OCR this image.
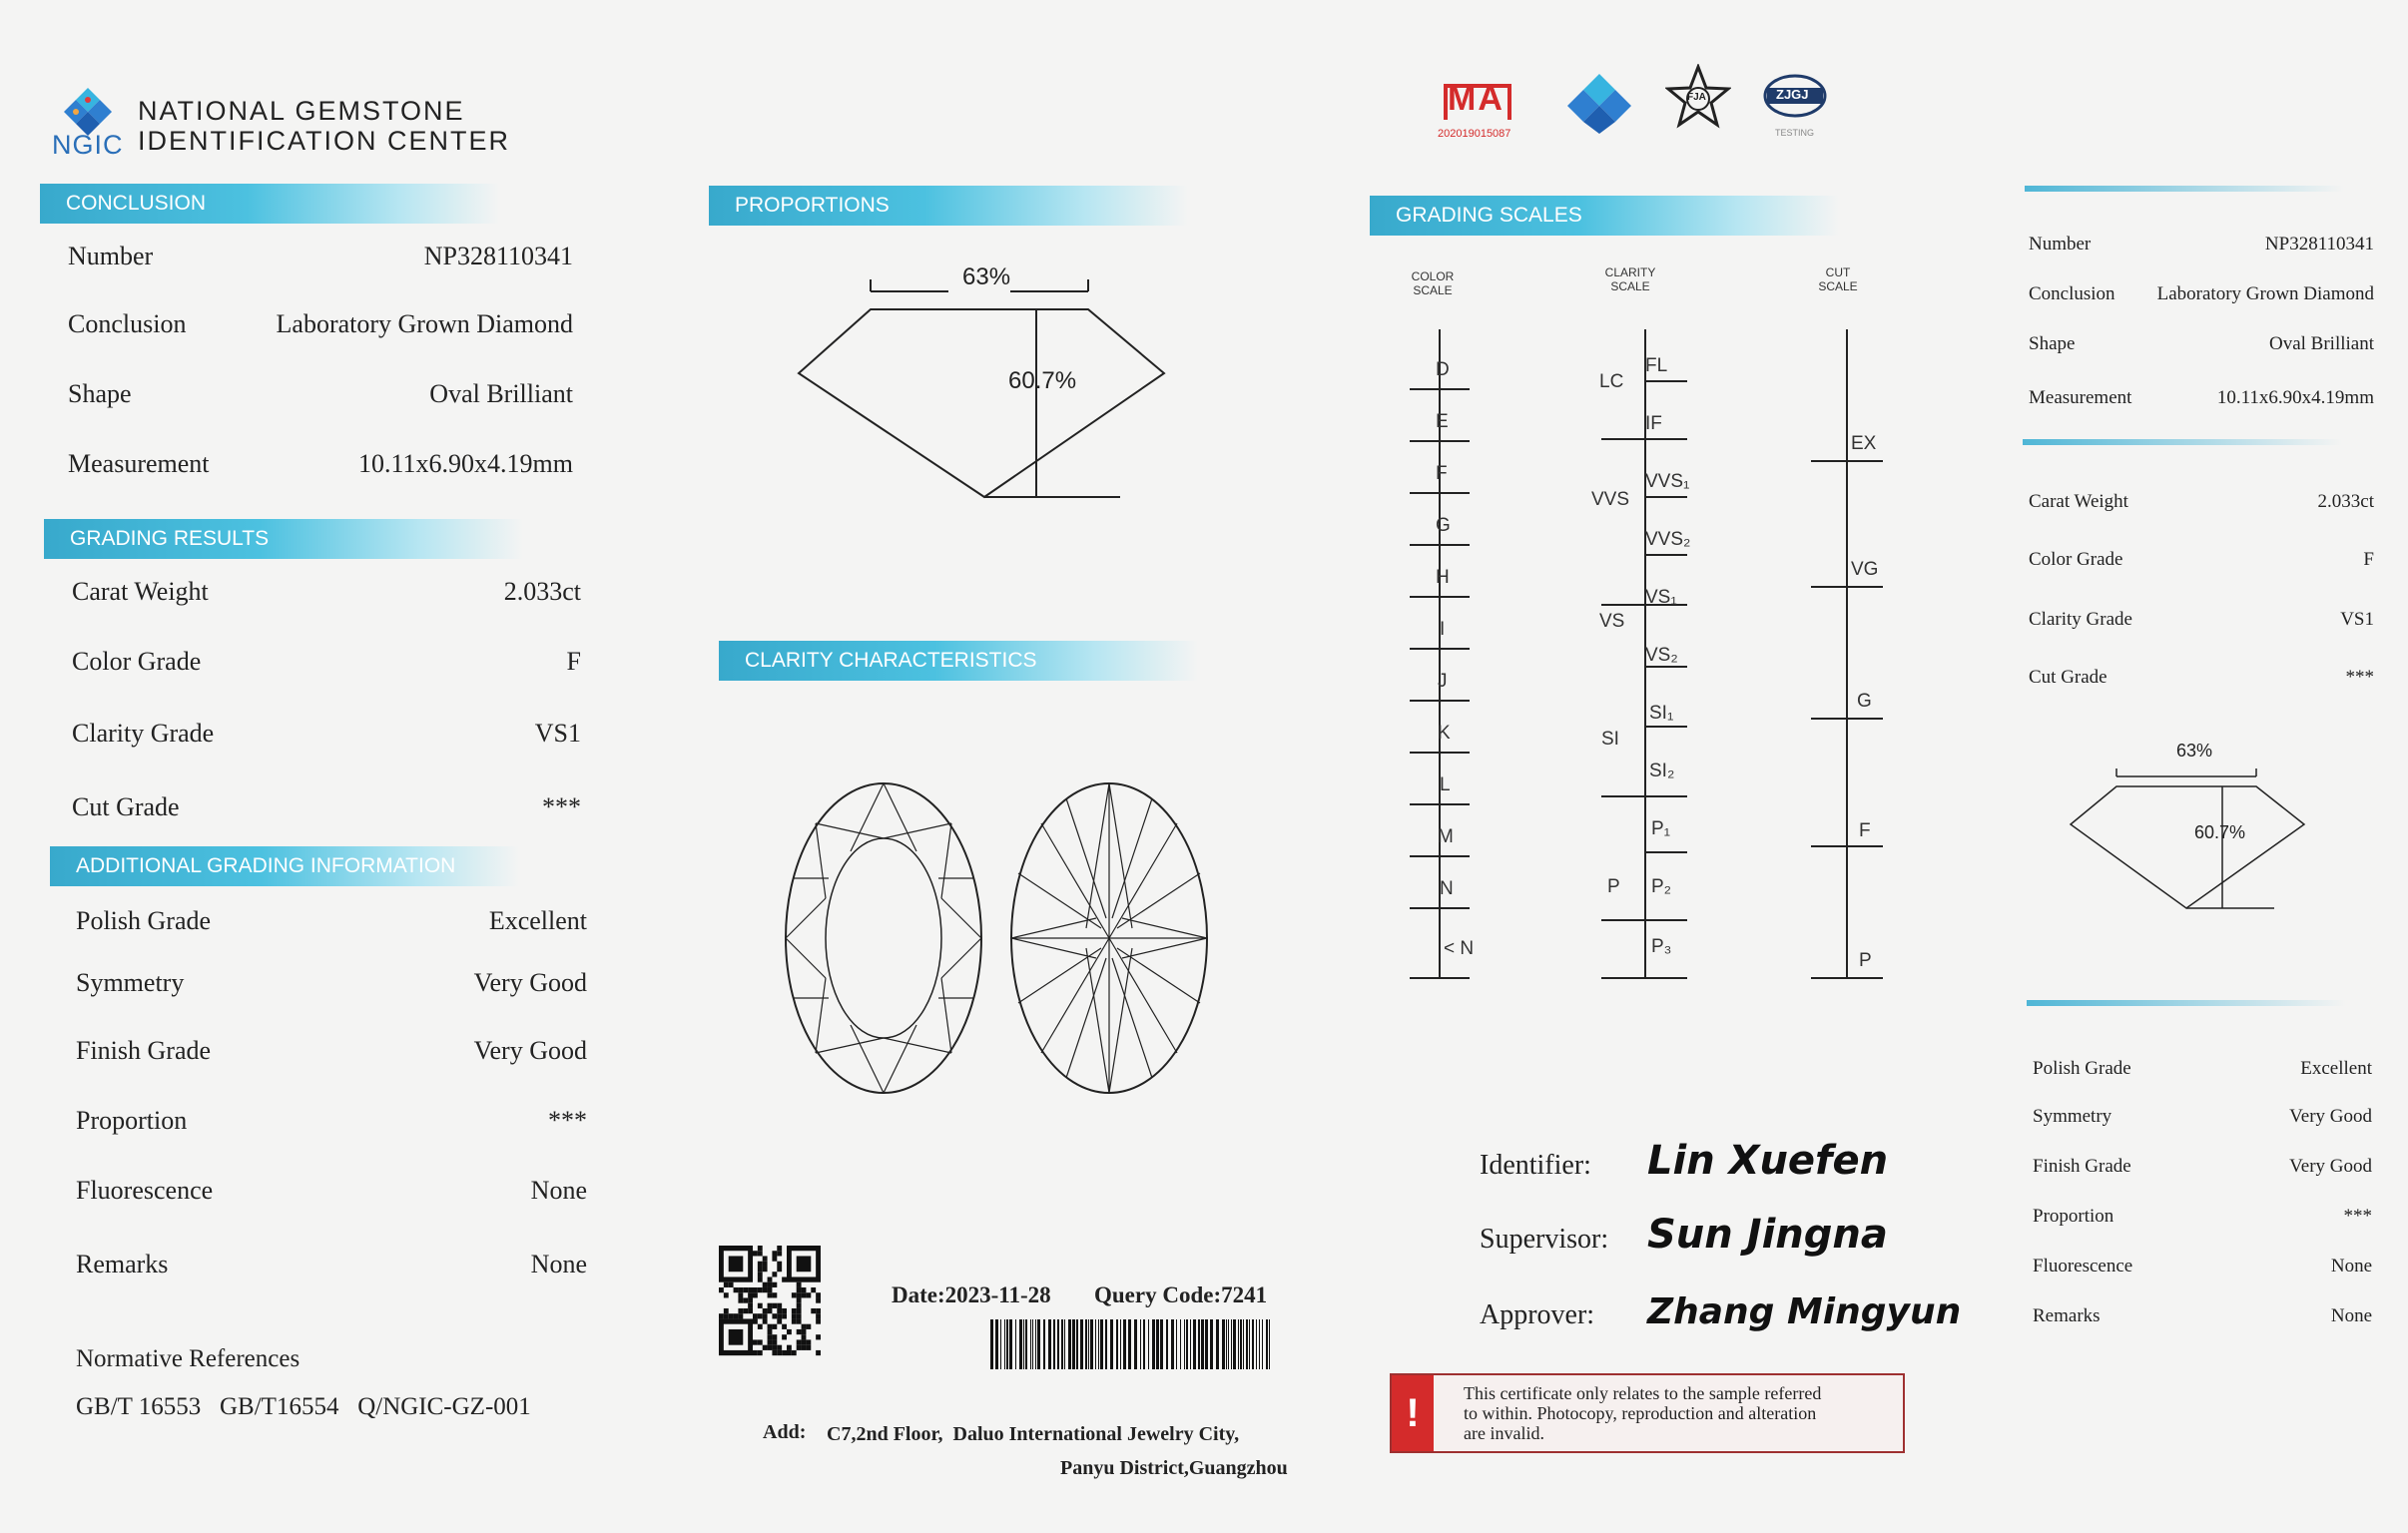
NGIC
NATIONAL GEMSTONE
IDENTIFICATION CENTER
CONCLUSION
Number	NP328110341
Conclusion	Laboratory Grown Diamond
Shape	Oval Brilliant
Measurement	10.11x6.90x4.19mm
GRADING RESULTS
Carat Weight	2.033ct
Color Grade	F
Clarity Grade	VS1
Cut Grade	***
ADDITIONAL GRADING INFORMATION
Polish Grade	Excellent
Symmetry	Very Good
Finish Grade	Very Good
Proportion	***
Fluorescence	None
Remarks	None
Normative References
GB/T 16553   GB/T16554   Q/NGIC-GZ-001
PROPORTIONS
63%
60.7%
CLARITY CHARACTERISTICS
Date:2023-11-28 Query Code:7241
Add: C7,2nd Floor,  Daluo International Jewelry City,
Panyu District,Guangzhou
MA
202019015087
FJA	ZJGJ
TESTING
GRADING SCALES
COLOR
SCALE
CLARITY
SCALE
CUT
SCALE
D
E
F
G
H
I
J
K
L
M
N
< N
LC
VVS
VS
SI
P
FL
IF
VVS₁
VVS₂
VS₁
VS₂
SI₁
SI₂
P₁
P₂
P₃
EX
VG
G
F
P
Identifier: Lin Xuefen
Supervisor: Sun Jingna
Approver: Zhang Mingyun
!	This certificate only relates to the sample referred
to within. Photocopy, reproduction and alteration
are invalid.
Number	NP328110341
Conclusion Laboratory Grown Diamond
Shape	Oval Brilliant
Measurement	10.11x6.90x4.19mm
Carat Weight	2.033ct
Color Grade	F
Clarity Grade	VS1
Cut Grade	***
63%
60.7%
Polish Grade	Excellent
Symmetry	Very Good
Finish Grade	Very Good
Proportion	***
Fluorescence	None
Remarks	None
